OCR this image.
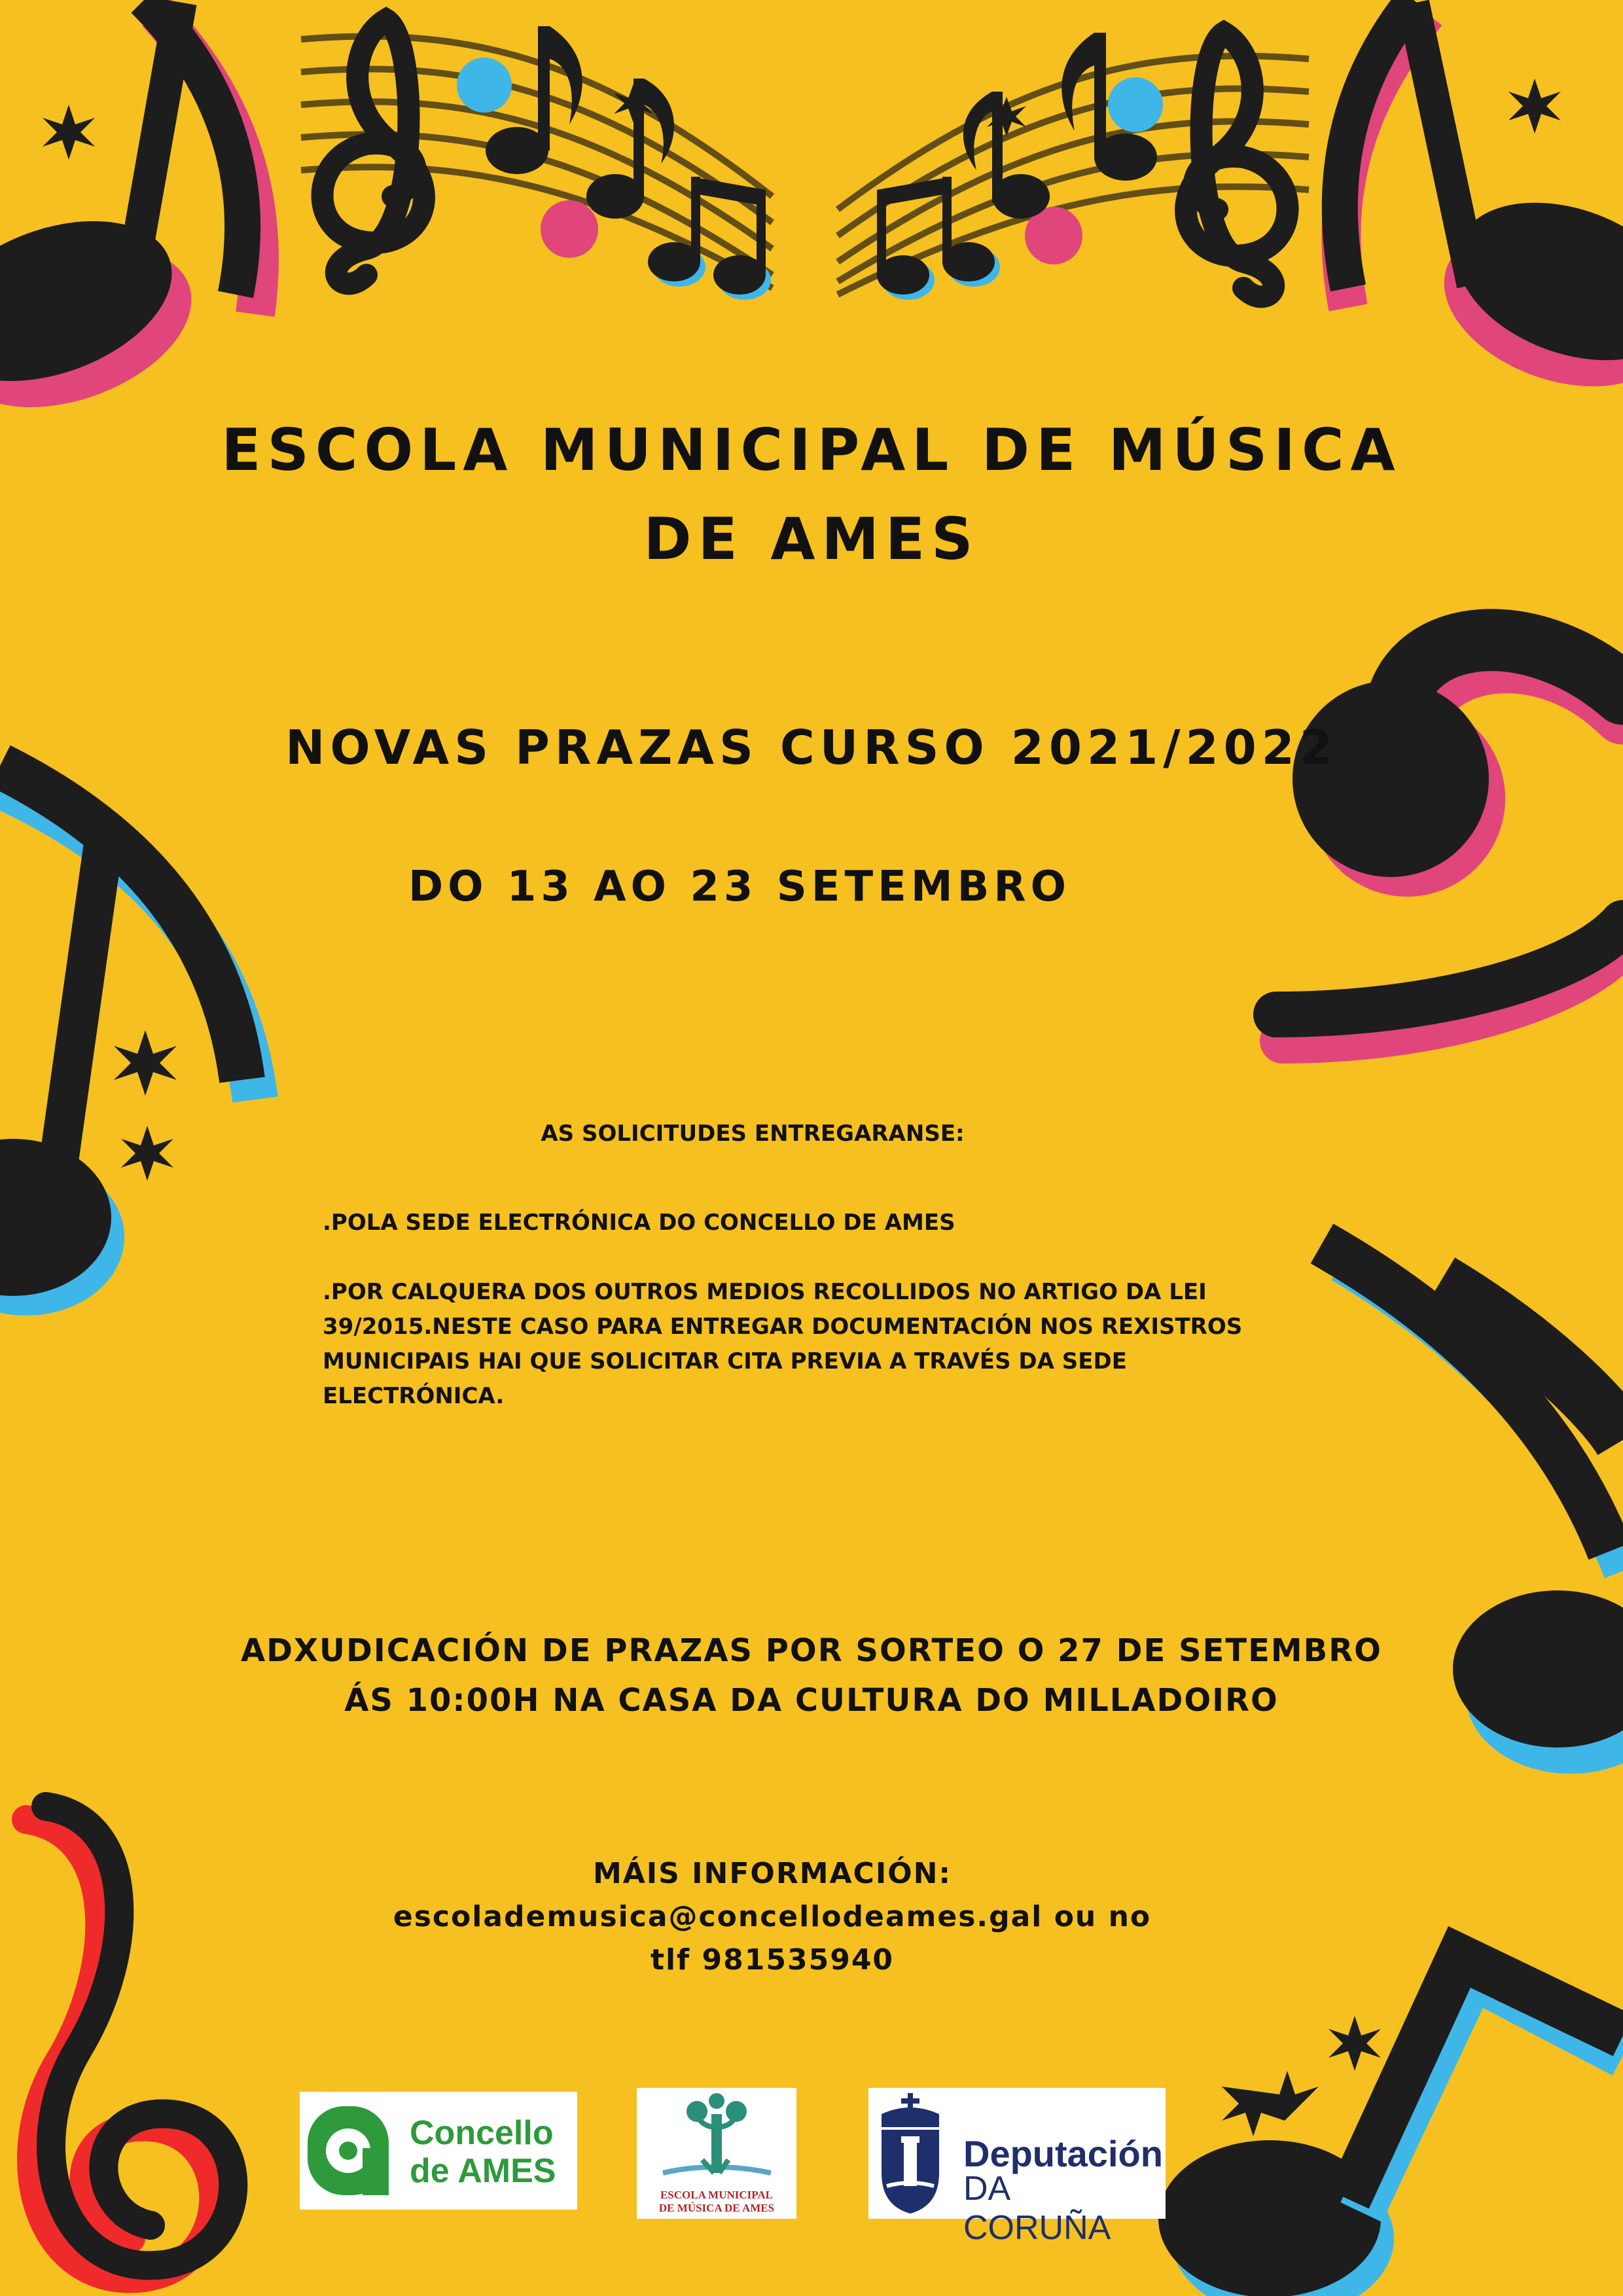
ESCOLA MUNICIPAL DE MÚSICA
DE AMES
NOVAS PRAZAS CURSO 2021/2022
DO 13 AO 23 SETEMBRO
AS SOLICITUDES ENTREGARANSE:

.POLA SEDE ELECTRÓNICA DO CONCELLO DE AMES

.POR CALQUERA DOS OUTROS MEDIOS RECOLLIDOS NO ARTIGO DA LEI 39/2015.NESTE CASO PARA ENTREGAR DOCUMENTACIÓN NOS REXISTROS MUNICIPAIS HAI QUE SOLICITAR CITA PREVIA A TRAVÉS DA SEDE ELECTRÓNICA.

ADXUDICACIÓN DE PRAZAS POR SORTEO O 27 DE SETEMBRO
ÁS 10:00H NA CASA DA CULTURA DO MILLADOIRO
MÁIS INFORMACIÓN:
escolademusica@concellodeames.gal ou no
tlf 981535940
Concello
de AMES
ESCOLA MUNICIPAL
DE MÚSICA DE AMES
Deputación
DA CORUÑA
